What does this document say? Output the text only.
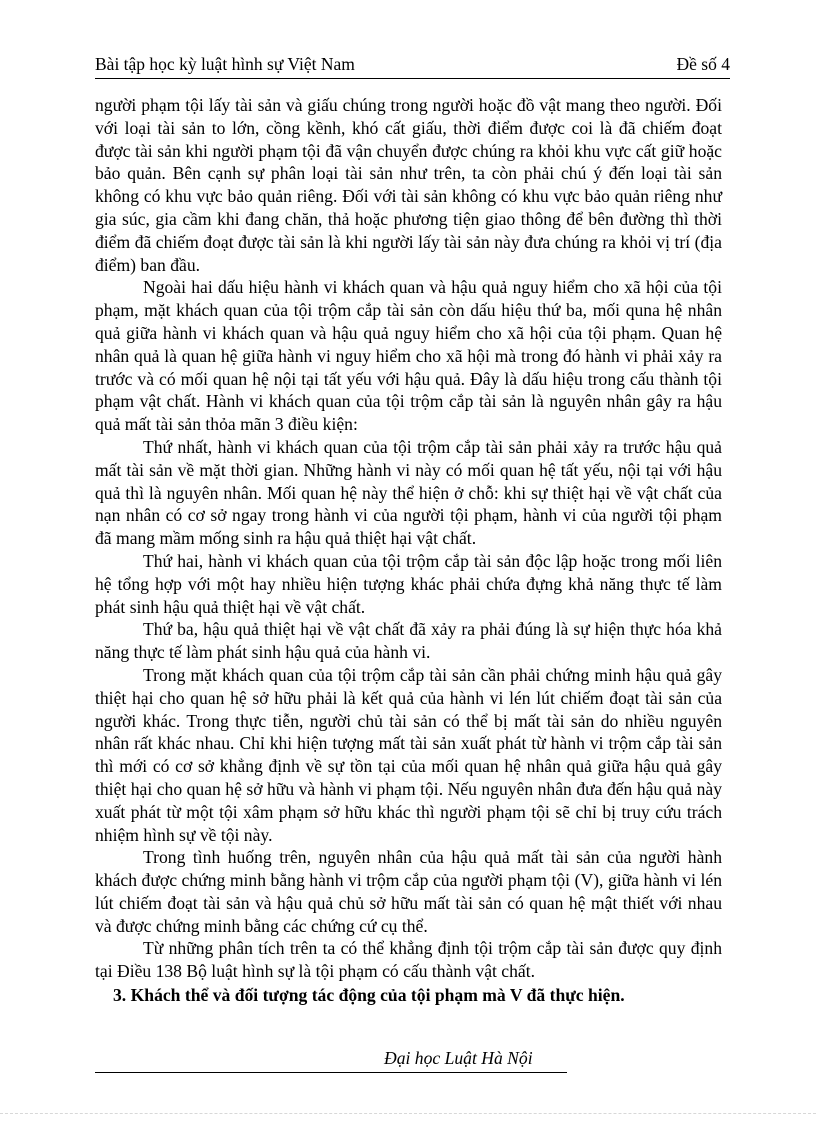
Bài tập học kỳ luật hình sự Việt Nam	Đề số 4

người phạm tội lấy tài sản và giấu chúng trong người hoặc đồ vật mang theo người. Đối với loại tài sản to lớn, cồng kềnh, khó cất giấu, thời điểm được coi là đã chiếm đoạt được tài sản khi người phạm tội đã vận chuyển được chúng ra khỏi khu vực cất giữ hoặc bảo quản. Bên cạnh sự phân loại tài sản như trên, ta còn phải chú ý đến loại tài sản không có khu vực bảo quản riêng. Đối với tài sản không có khu vực bảo quản riêng như gia súc, gia cầm khi đang chăn, thả hoặc phương tiện giao thông để bên đường thì thời điểm đã chiếm đoạt được tài sản là khi người lấy tài sản này đưa chúng ra khỏi vị trí (địa điểm) ban đầu.

Ngoài hai dấu hiệu hành vi khách quan và hậu quả nguy hiểm cho xã hội của tội phạm, mặt khách quan của tội trộm cắp tài sản còn dấu hiệu thứ ba, mối quna hệ nhân quả giữa hành vi khách quan và hậu quả nguy hiểm cho xã hội của tội phạm. Quan hệ nhân quả là quan hệ giữa hành vi nguy hiểm cho xã hội mà trong đó hành vi phải xảy ra trước và có mối quan hệ nội tại tất yếu với hậu quả. Đây là dấu hiệu trong cấu thành tội phạm vật chất. Hành vi khách quan của tội trộm cắp tài sản là nguyên nhân gây ra hậu quả mất tài sản thỏa mãn 3 điều kiện:

Thứ nhất, hành vi khách quan của tội trộm cắp tài sản phải xảy ra trước hậu quả mất tài sản về mặt thời gian. Những hành vi này có mối quan hệ tất yếu, nội tại với hậu quả thì là nguyên nhân. Mối quan hệ này thể hiện ở chỗ: khi sự thiệt hại về vật chất của nạn nhân có cơ sở ngay trong hành vi của người tội phạm, hành vi của người tội phạm đã mang mầm mống sinh ra hậu quả thiệt hại vật chất.

Thứ hai, hành vi khách quan của tội trộm cắp tài sản độc lập hoặc trong mối liên hệ tổng hợp với một hay nhiều hiện tượng khác phải chứa đựng khả năng thực tế làm phát sinh hậu quả thiệt hại về vật chất.

Thứ ba, hậu quả thiệt hại về vật chất đã xảy ra phải đúng là sự hiện thực hóa khả năng thực tế làm phát sinh hậu quả của hành vi.

Trong mặt khách quan của tội trộm cắp tài sản cần phải chứng minh hậu quả gây thiệt hại cho quan hệ sở hữu phải là kết quả của hành vi lén lút chiếm đoạt tài sản của người khác. Trong thực tiễn, người chủ tài sản có thể bị mất tài sản do nhiều nguyên nhân rất khác nhau. Chỉ khi hiện tượng mất tài sản xuất phát từ hành vi trộm cắp tài sản thì mới có cơ sở khẳng định về sự tồn tại của mối quan hệ nhân quả giữa hậu quả gây thiệt hại cho quan hệ sở hữu và hành vi phạm tội. Nếu nguyên nhân đưa đến hậu quả này xuất phát từ một tội xâm phạm sở hữu khác thì người phạm tội sẽ chỉ bị truy cứu trách nhiệm hình sự về tội này.

Trong tình huống trên, nguyên nhân của hậu quả mất tài sản của người hành khách được chứng minh bằng hành vi trộm cắp của người phạm tội (V), giữa hành vi lén lút chiếm đoạt tài sản và hậu quả chủ sở hữu mất tài sản có quan hệ mật thiết với nhau và được chứng minh bằng các chứng cứ cụ thể.

Từ những phân tích trên ta có thể khẳng định tội trộm cắp tài sản được quy định tại Điều 138 Bộ luật hình sự là tội phạm có cấu thành vật chất.

3. Khách thể và đối tượng tác động của tội phạm mà V đã thực hiện.

Đại học Luật Hà Nội
